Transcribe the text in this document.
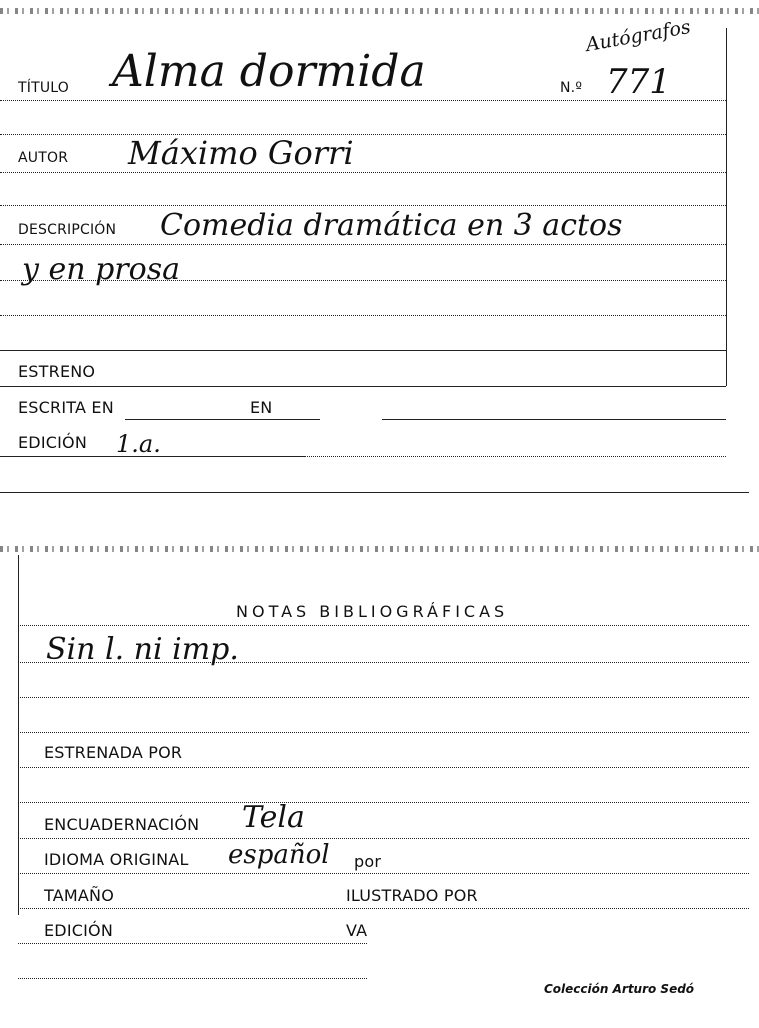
TÍTULO Alma dormida	N.º 771
Autógrafos
AUTOR Máximo Gorri
DESCRIPCIÓN Comedia dramática en 3 actos
y en prosa
ESTRENO
ESCRITA EN	EN
EDICIÓN 1.a.
NOTAS BIBLIOGRÁFICAS
Sin l. ni imp.
ESTRENADA POR
ENCUADERNACIÓN Tela
IDIOMA ORIGINAL español por
TAMAÑO	ILUSTRADO POR
EDICIÓN	VA
Colección Arturo Sedó
